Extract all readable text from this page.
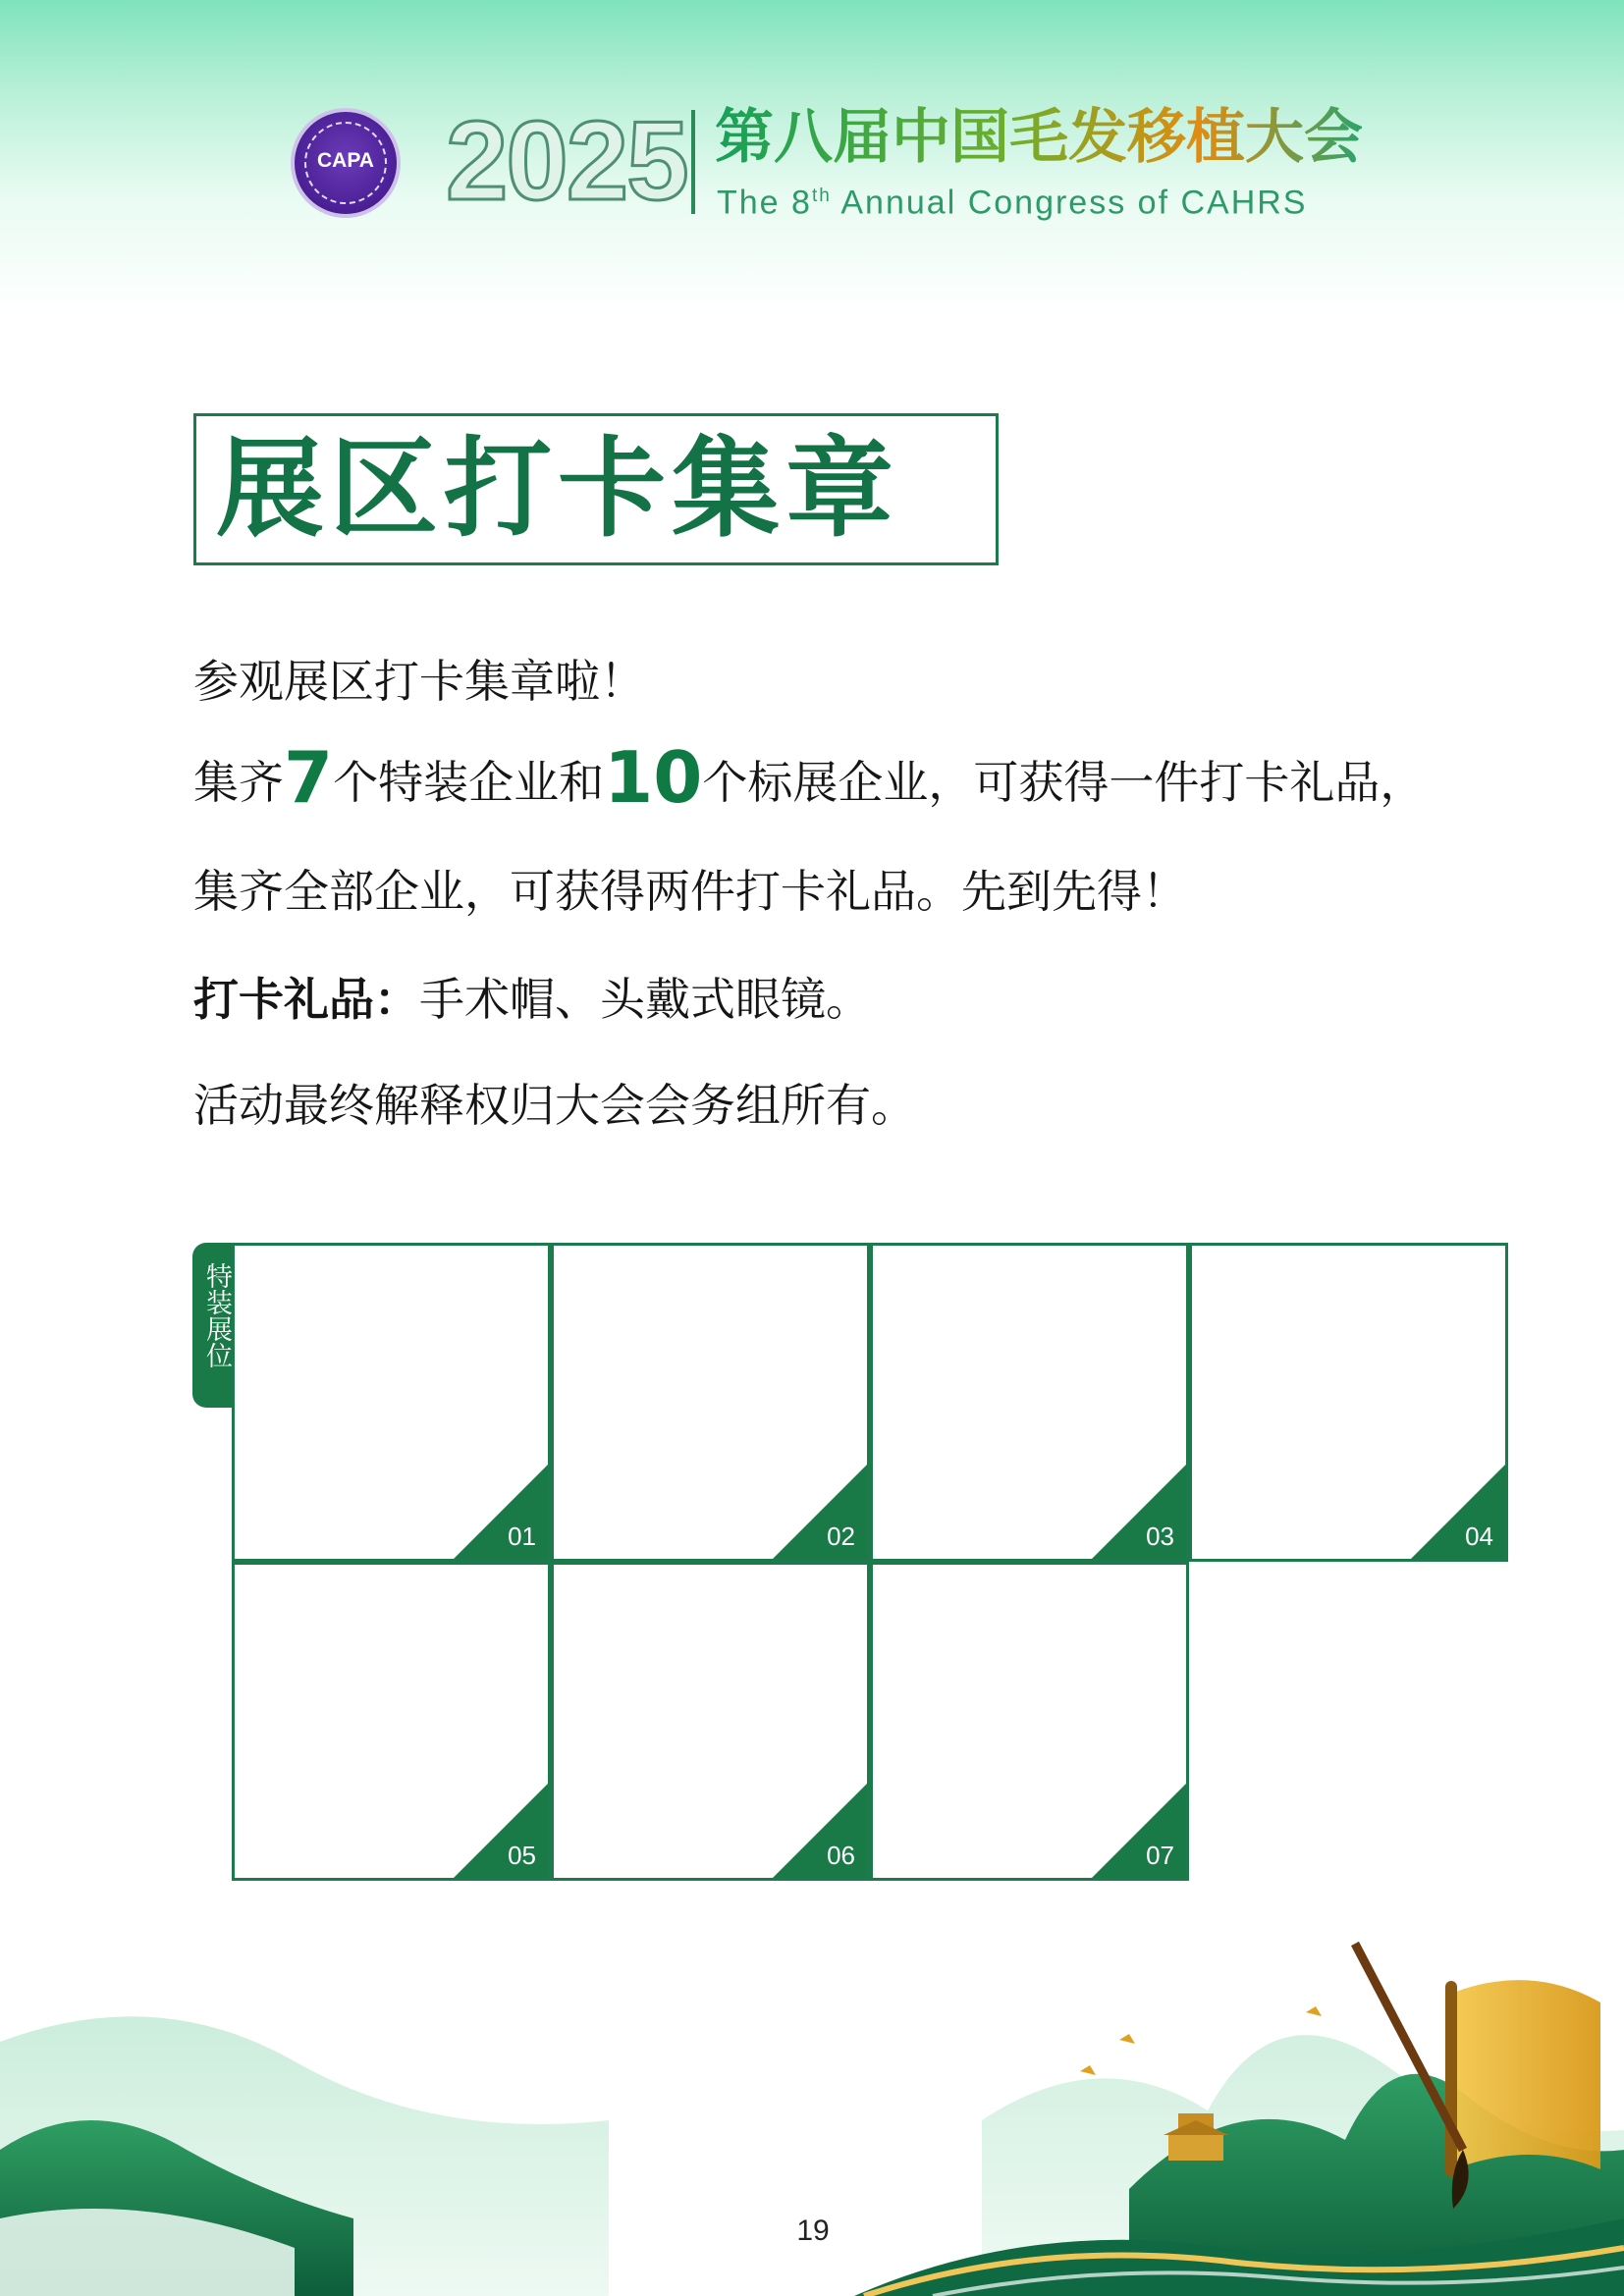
CAPA 2025 第八届中国毛发移植大会
The 8th Annual Congress of CAHRS
展区打卡集章
参观展区打卡集章啦！
集齐7个特装企业和10个标展企业，可获得一件打卡礼品，
集齐全部企业，可获得两件打卡礼品。先到先得！
打卡礼品：手术帽、头戴式眼镜。
活动最终解释权归大会会务组所有。
特装展位
01	02	03	04
05	06	07
19
